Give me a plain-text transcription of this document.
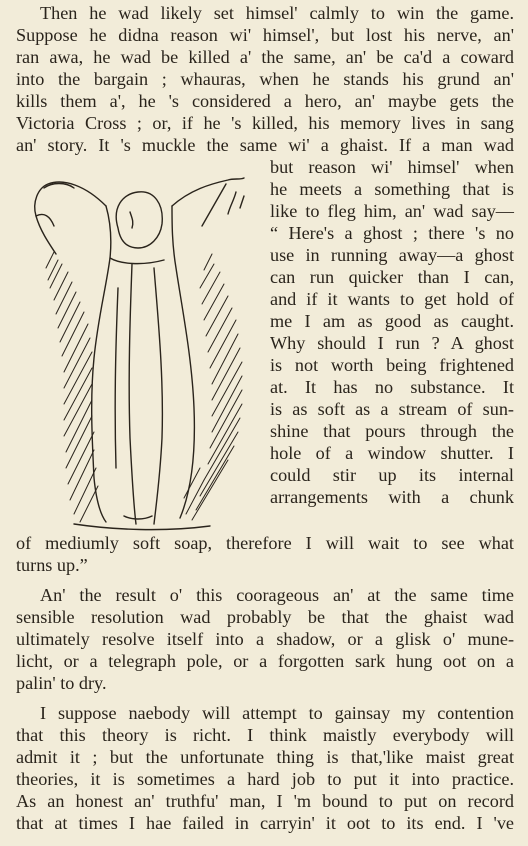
Then he wad likely set himsel' calmly to win the game.
Suppose he didna reason wi' himsel', but lost his nerve, an'
ran awa, he wad be killed a' the same, an' be ca'd a coward
into the bargain ; whauras, when he stands his grund an'
kills them a', he 's considered a hero, an' maybe gets the
Victoria Cross ; or, if he 's killed, his memory lives in sang
an' story. It 's muckle the same wi' a ghaist. If a man wad
but reason wi' himsel' when
he meets a something that is
like to fleg him, an' wad say—
“ Here's a ghost ; there 's no
use in running away—a ghost
can run quicker than I can,
and if it wants to get hold of
me I am as good as caught.
Why should I run ? A ghost
is not worth being frightened
at. It has no substance. It
is as soft as a stream of sun-
shine that pours through the
hole of a window shutter. I
could stir up its internal
arrangements with a chunk
of mediumly soft soap, therefore I will wait to see what
turns up.”
An' the result o' this coorageous an' at the same time
sensible resolution wad probably be that the ghaist wad
ultimately resolve itself into a shadow, or a glisk o' mune-
licht, or a telegraph pole, or a forgotten sark hung oot on a
palin' to dry.
I suppose naebody will attempt to gainsay my contention
that this theory is richt. I think maistly everybody will
admit it ; but the unfortunate thing is that,'like maist great
theories, it is sometimes a hard job to put it into practice.
As an honest an' truthfu' man, I 'm bound to put on record
that at times I hae failed in carryin' it oot to its end. I 've
